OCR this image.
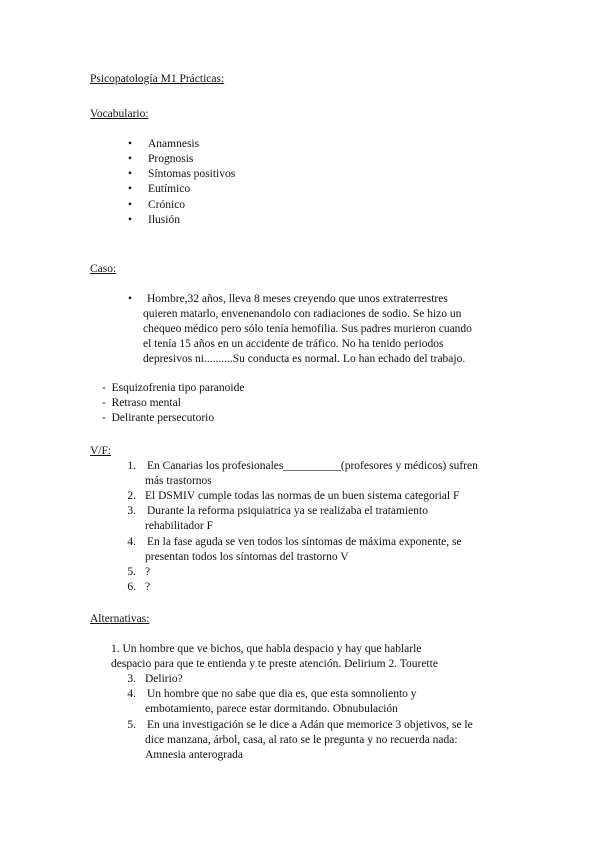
Psicopatología M1 Prácticas:
Vocabulario:
• Anamnesis
• Prognosis
• Síntomas positivos
• Eutímico
• Crónico
• Ilusión
Caso:
• Hombre,32 años, lleva 8 meses creyendo que unos extraterrestres
quieren matarlo, envenenandolo con radiaciones de sodio. Se hizo un
chequeo médico pero sólo tenía hemofilia. Sus padres murieron cuando
el tenía 15 años en un accidente de tráfico. No ha tenido periodos
depresivos ni..........Su conducta es normal. Lo han echado del trabajo.
-  Esquizofrenia tipo paranoide
-  Retraso mental
-  Delirante persecutorio
V/F:
1. En Canarias los profesionales__________(profesores y médicos) sufren
más trastornos
2. El DSMIV cumple todas las normas de un buen sistema categorial F
3. Durante la reforma psiquiatrica ya se realizaba el tratamiento
rehabilitador F
4. En la fase aguda se ven todos los síntomas de máxima exponente, se
presentan todos los síntomas del trastorno V
5. ?
6. ?
Alternativas:
1. Un hombre que ve bichos, que habla despacio y hay que hablarle
despacio para que te entienda y te preste atención. Delirium 2. Tourette
3. Delirio?
4. Un hombre que no sabe que dia es, que esta somnoliento y
embotamiento, parece estar dormitando. Obnubulación
5. En una investigación se le dice a Adán que memorice 3 objetivos, se le
dice manzana, árbol, casa, al rato se le pregunta y no recuerda nada:
Amnesia anterograda
